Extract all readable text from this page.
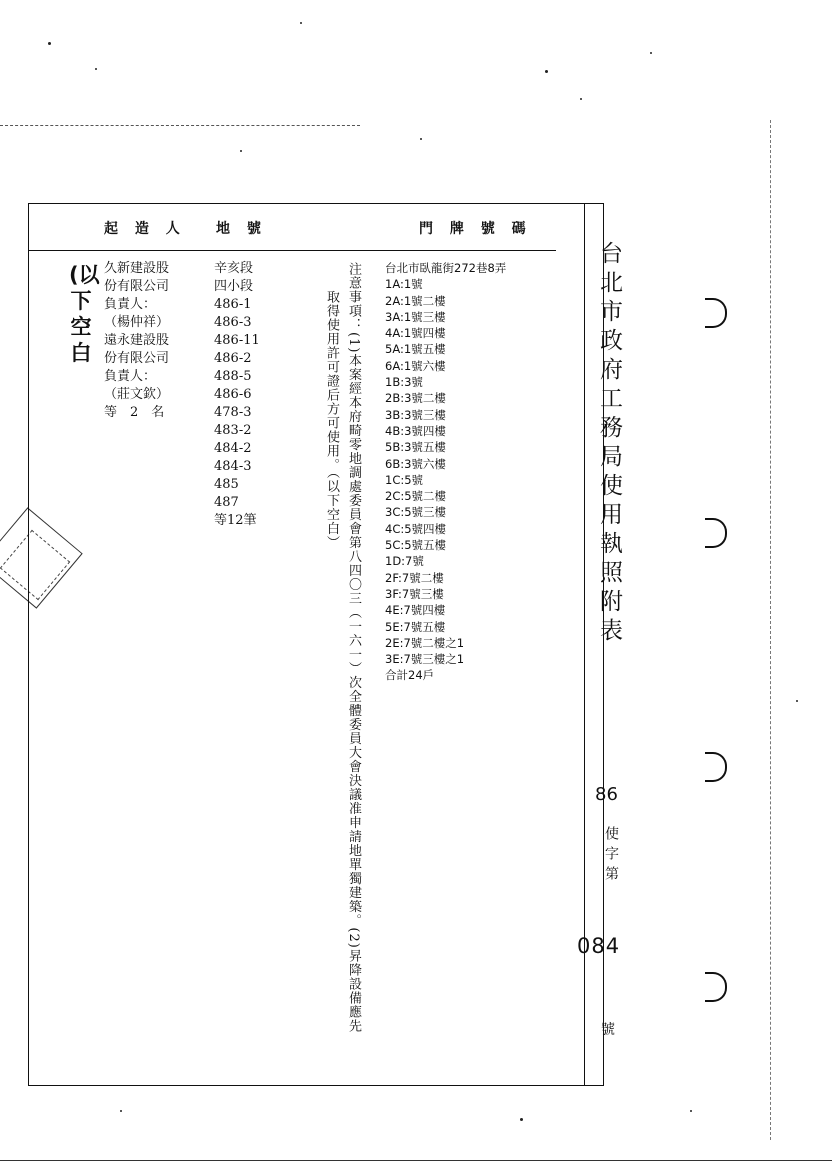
起 造 人 地 號	門 牌 號 碼
(以下空白
久新建設股
份有限公司
負責人：
（楊仲祥）
遠永建設股
份有限公司
負責人：
（莊文欽）
等　2　名
辛亥段
四小段
486-1
486-3
486-11
486-2
488-5
486-6
478-3
483-2
484-2
484-3
485
487
等12筆	注意事項：(1)本案經本府畸零地調處委員會第八四〇三（一六一）次全體委員大會決議准申請地單獨建築。(2)昇降設備應先
取得使用許可證后方可使用。（以下空白）
台北市臥龍街272巷8弄
1A:1號
2A:1號二樓
3A:1號三樓
4A:1號四樓
5A:1號五樓
6A:1號六樓
1B:3號
2B:3號二樓
3B:3號三樓
4B:3號四樓
5B:3號五樓
6B:3號六樓
1C:5號
2C:5號二樓
3C:5號三樓
4C:5號四樓
5C:5號五樓
1D:7號
2F:7號二樓
3F:7號三樓
4E:7號四樓
5E:7號五樓
2E:7號二樓之1
3E:7號三樓之1
合計24戶
台北市政府工務局使用執照附表
86
使字第
084
號
